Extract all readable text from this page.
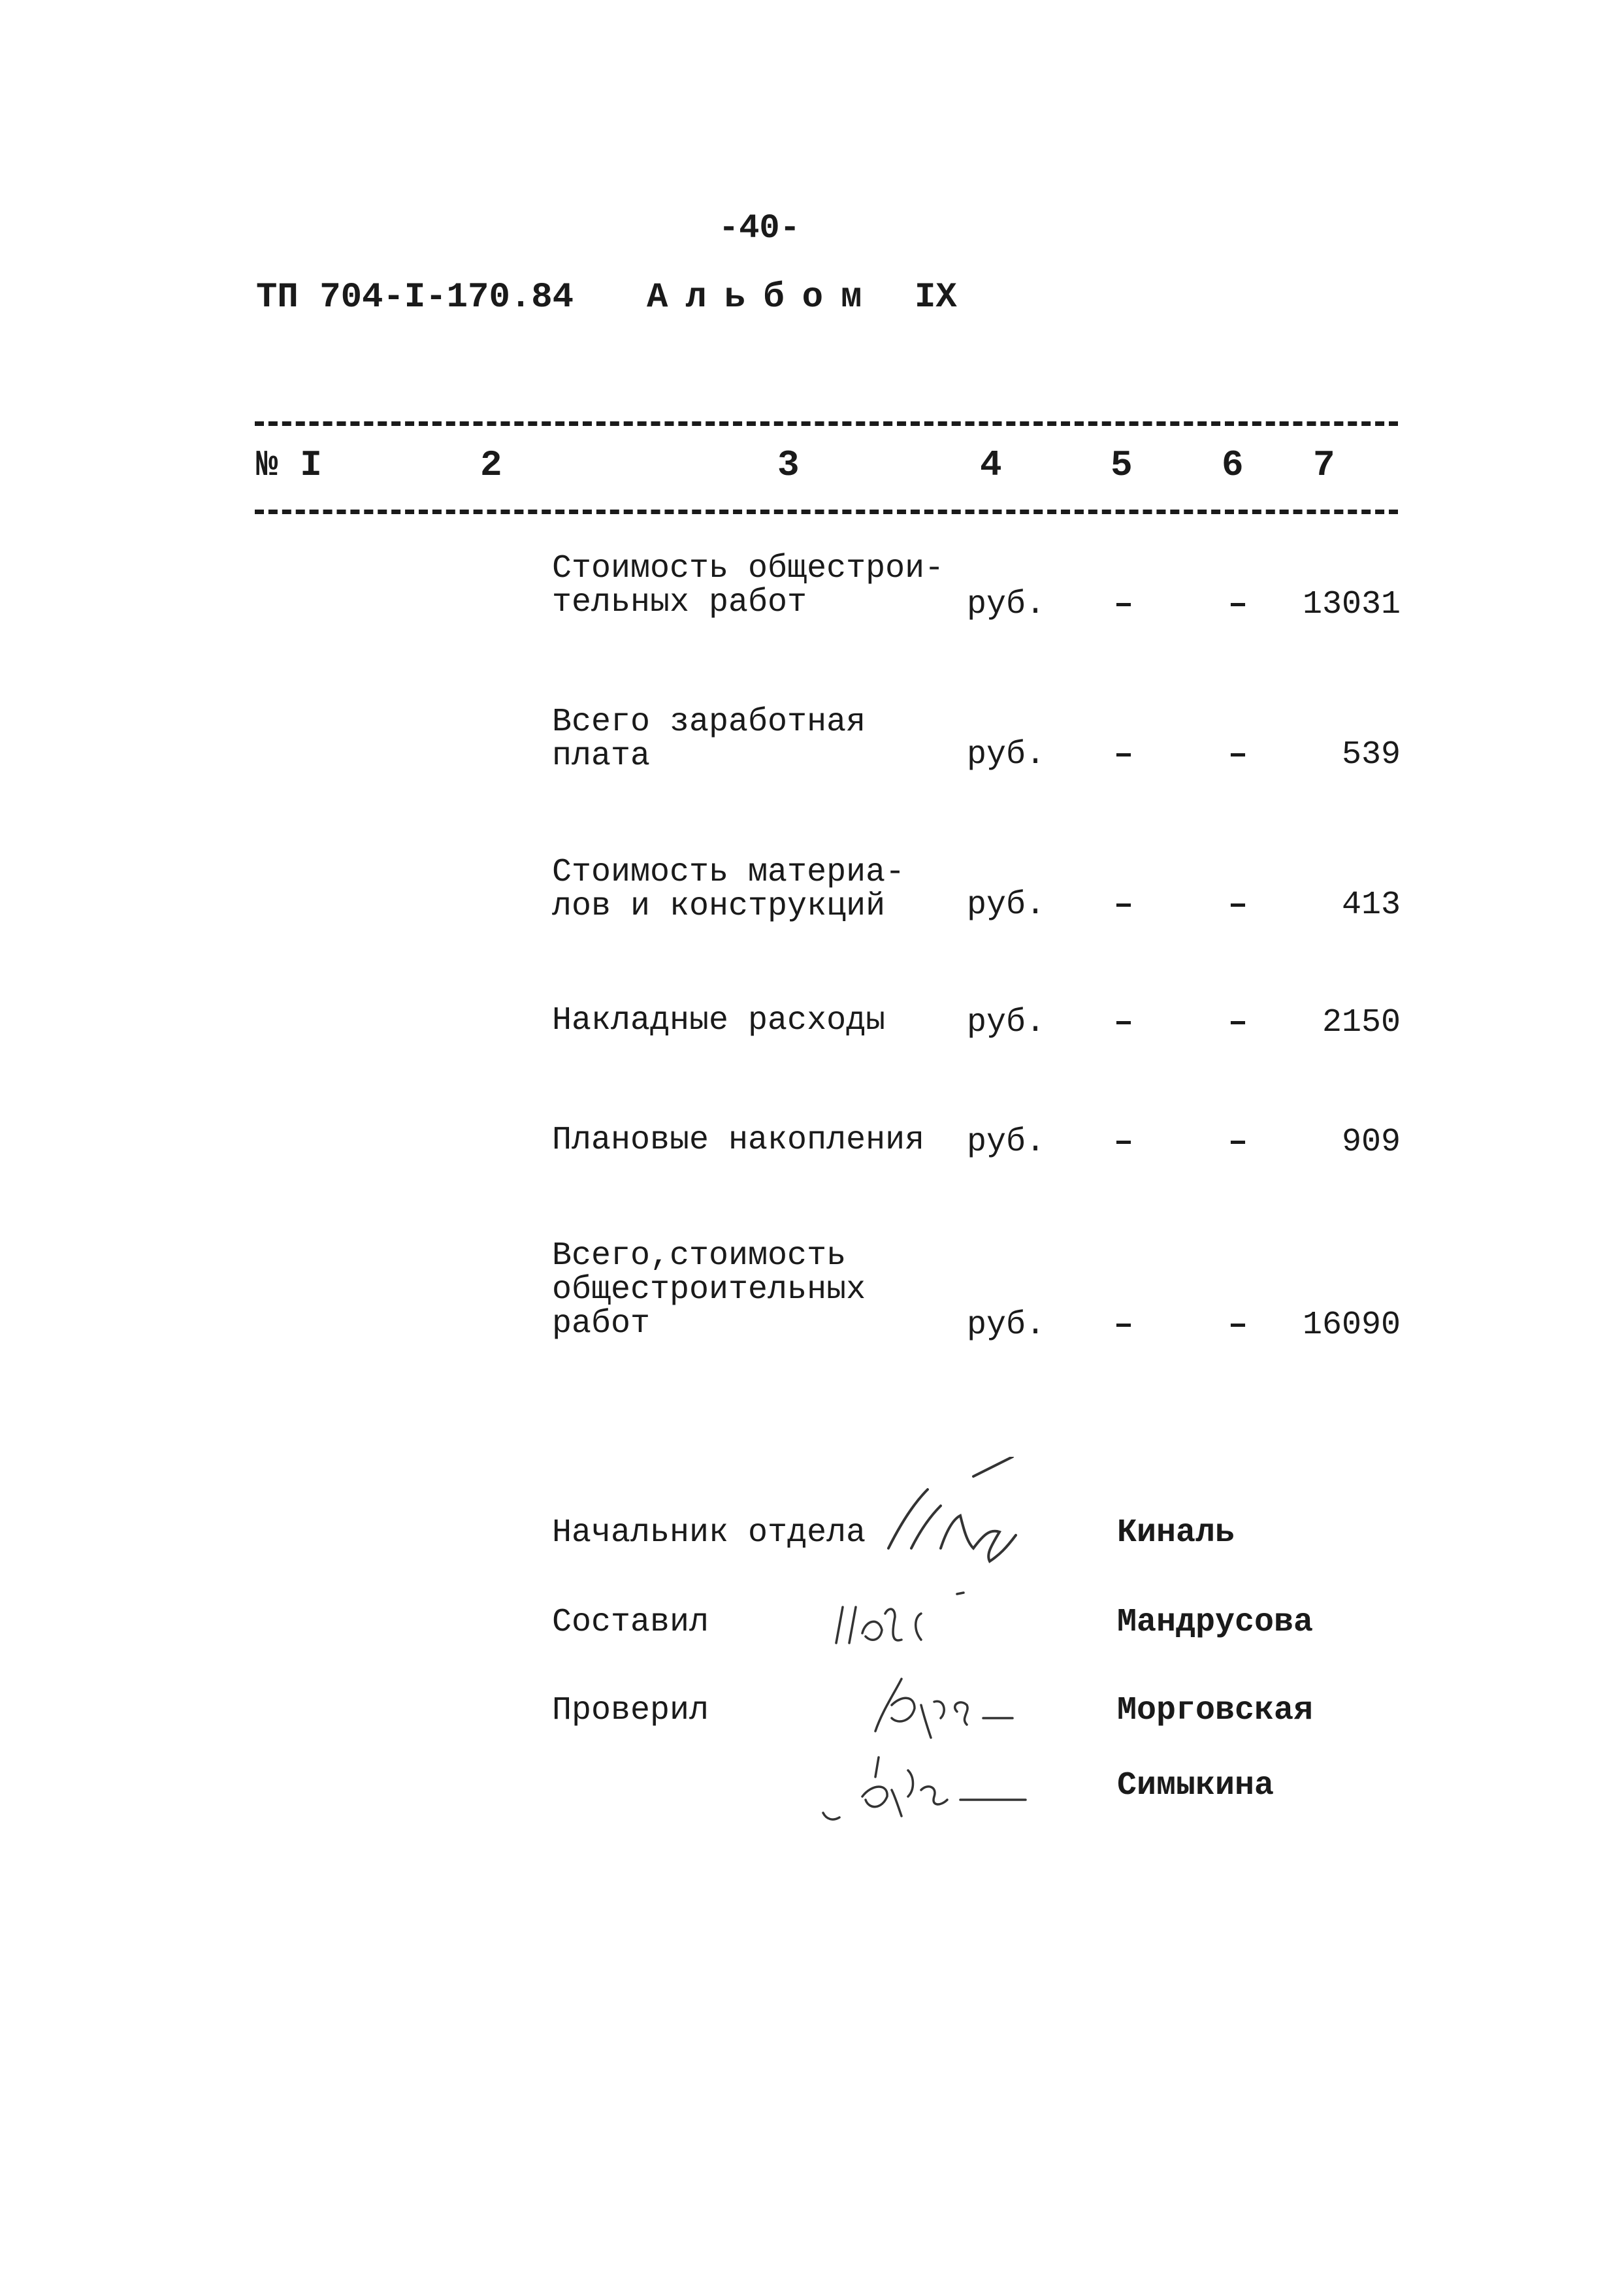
-40-
ТП 704-I-170.84 Альбом IX
№ I	2	3	4	5 6 7
Стоимость общестрои-
тельных работ	руб. –	– 13031
Всего заработная
плата	руб. –	–	539
Стоимость материа-
лов и конструкций	руб. –	–	413
Накладные расходы руб. –	– 2150
Плановые накопления руб. –	–	909
Всего,стоимость
общестроительных
работ	руб. –	– 16090
Начальник отдела	Киналь
Составил	Мандрусова
Проверил	Морговская
Симыкина
